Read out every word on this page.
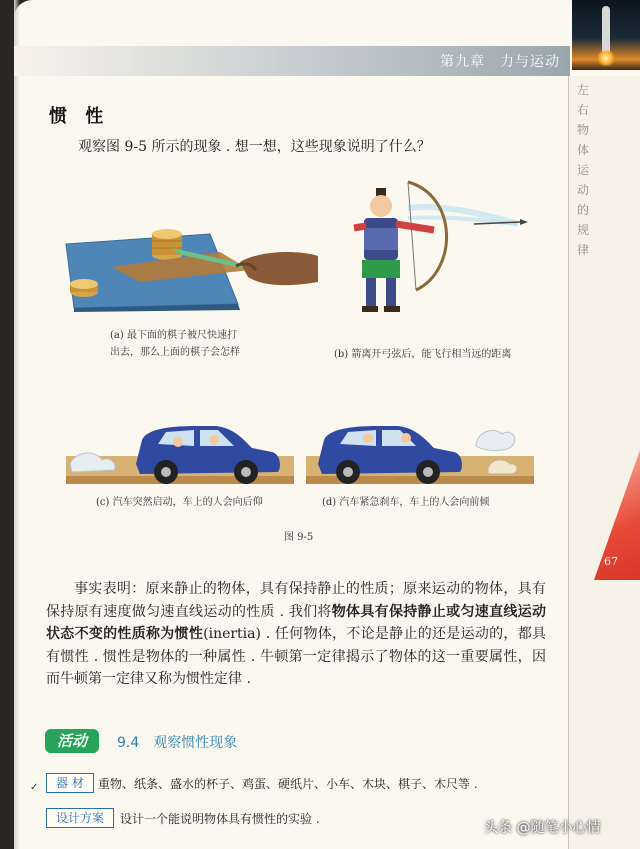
第九章　力与运动
左
右
物
体
运
动
的
规
律
67
惯 性
观察图 9-5 所示的现象 . 想一想，这些现象说明了什么？
(a) 最下面的棋子被尺快速打
出去，那么上面的棋子会怎样	(b) 箭离开弓弦后，能飞行相当远的距离
(c) 汽车突然启动，车上的人会向后仰	(d) 汽车紧急刹车，车上的人会向前倾
图 9-5

事实表明：原来静止的物体，具有保持静止的性质；原来运动的物体，具有保持原有速度做匀速直线运动的性质 . 我们将物体具有保持静止或匀速直线运动状态不变的性质称为惯性(inertia) . 任何物体，不论是静止的还是运动的，都具有惯性 . 惯性是物体的一种属性 . 牛顿第一定律揭示了物体的这一重要属性，因而牛顿第一定律又称为惯性定律 .

活动	9.4 观察惯性现象
✓	器 材	重物、纸条、盛水的杯子、鸡蛋、硬纸片、小车、木块、棋子、木尺等 .
设计方案	设计一个能说明物体具有惯性的实验 .
头条 @随笔小心情
